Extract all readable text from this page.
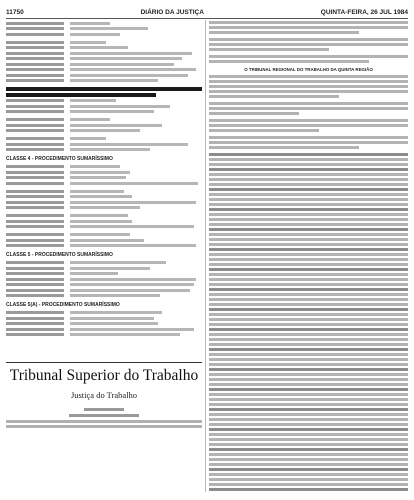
11750	DIÁRIO DA JUSTIÇA	QUINTA-FEIRA, 26 JUL 1984
CLASSE 4 - PROCEDIMENTO SUMARÍSSIMO
CLASSE 5 - PROCEDIMENTO SUMARÍSSIMO
CLASSE 5(A) - PROCEDIMENTO SUMARÍSSIMO
Tribunal Superior do Trabalho
Justiça do Trabalho
O TRIBUNAL REGIONAL DO TRABALHO DA QUINTA REGIÃO
